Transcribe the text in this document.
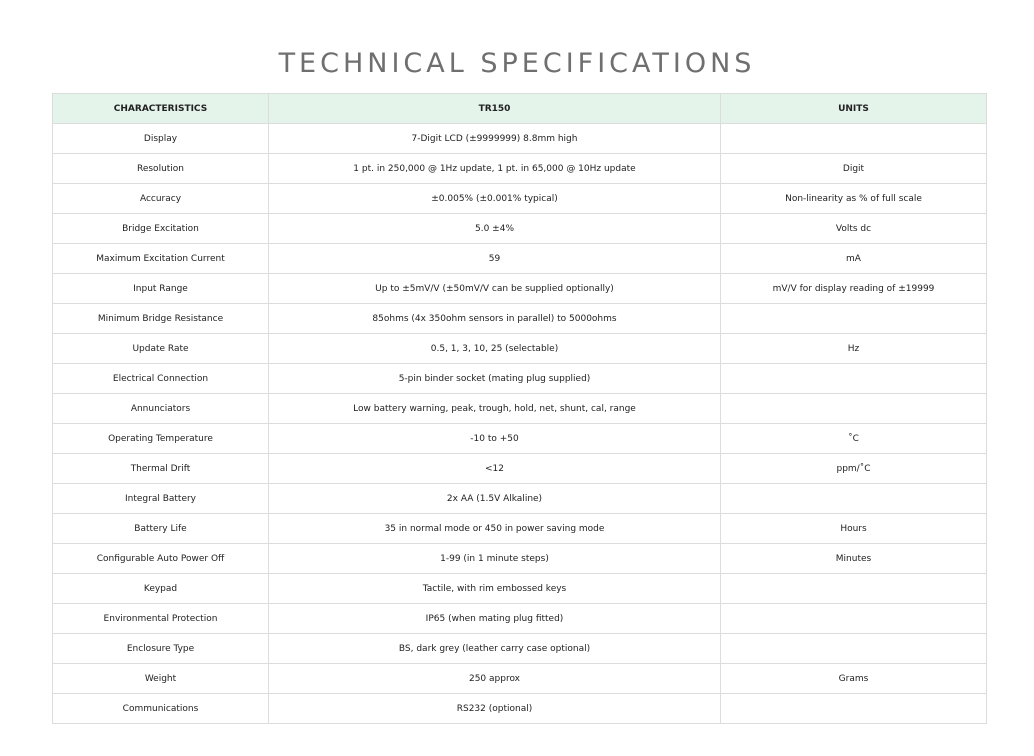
TECHNICAL SPECIFICATIONS
CHARACTERISTICS	TR150	UNITS
Display	7-Digit LCD (±9999999) 8.8mm high	
Resolution	1 pt. in 250,000 @ 1Hz update, 1 pt. in 65,000 @ 10Hz update	Digit
Accuracy	±0.005% (±0.001% typical)	Non-linearity as % of full scale
Bridge Excitation	5.0 ±4%	Volts dc
Maximum Excitation Current	59	mA
Input Range	Up to ±5mV/V (±50mV/V can be supplied optionally)	mV/V for display reading of ±19999
Minimum Bridge Resistance	85ohms (4x 350ohm sensors in parallel) to 5000ohms	
Update Rate	0.5, 1, 3, 10, 25 (selectable)	Hz
Electrical Connection	5-pin binder socket (mating plug supplied)	
Annunciators	Low battery warning, peak, trough, hold, net, shunt, cal, range	
Operating Temperature	-10 to +50	˚C
Thermal Drift	<12	ppm/˚C
Integral Battery	2x AA (1.5V Alkaline)	
Battery Life	35 in normal mode or 450 in power saving mode	Hours
Configurable Auto Power Off	1-99 (in 1 minute steps)	Minutes
Keypad	Tactile, with rim embossed keys	
Environmental Protection	IP65 (when mating plug fitted)	
Enclosure Type	BS, dark grey (leather carry case optional)	
Weight	250 approx	Grams
Communications	RS232 (optional)	
